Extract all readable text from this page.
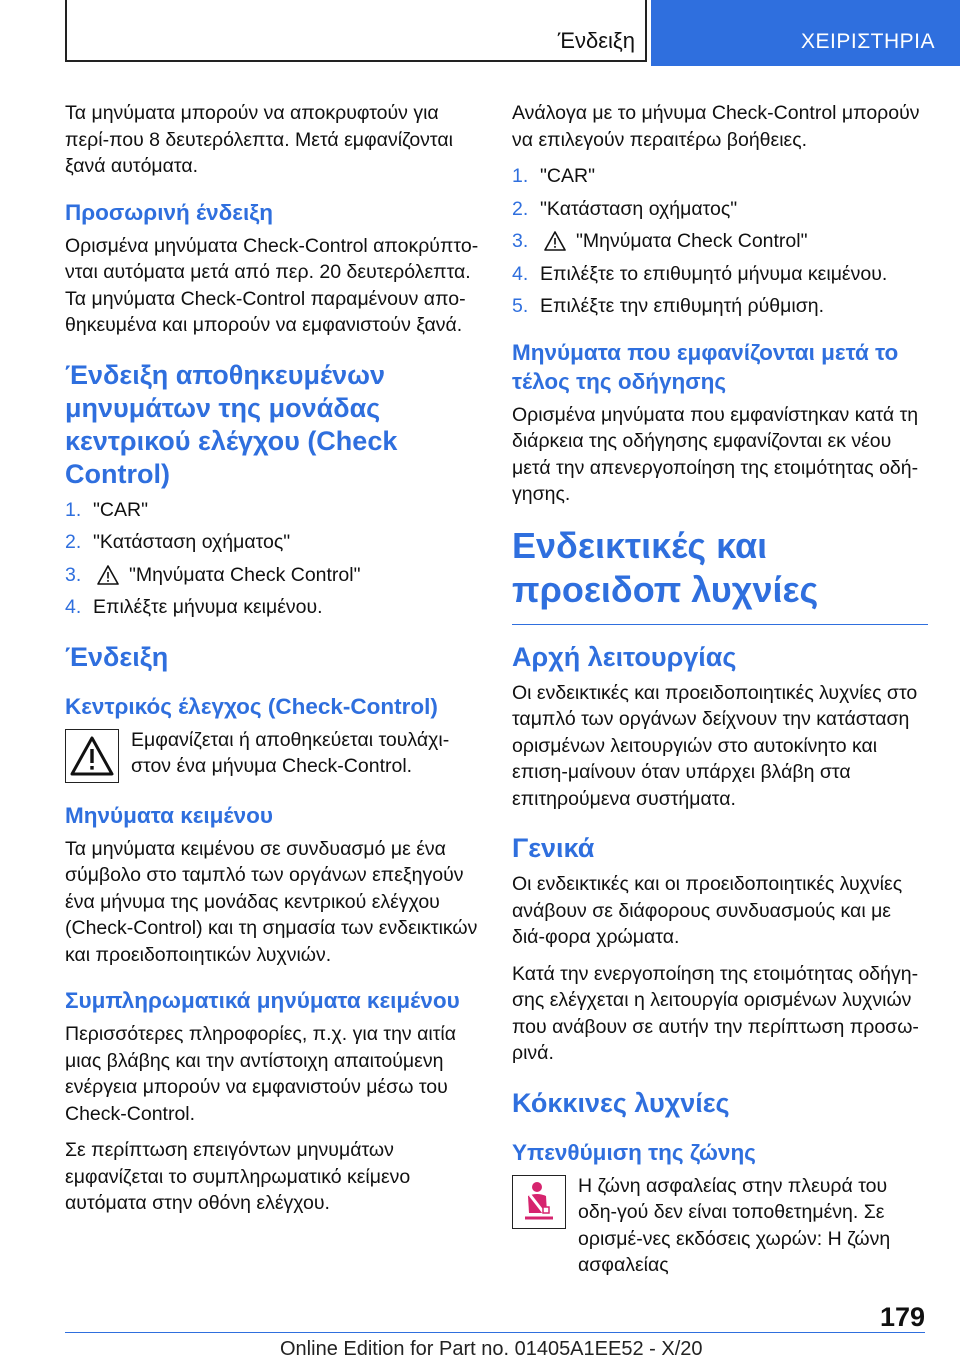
Ένδειξη	ΧΕΙΡΙΣΤΗΡΙΑ

Τα μηνύματα μπορούν να αποκρυφτούν για περί-που 8 δευτερόλεπτα. Μετά εμφανίζονται ξανά αυτόματα.

Προσωρινή ένδειξη

Ορισμένα μηνύματα Check-Control αποκρύπτο-νται αυτόματα μετά από περ. 20 δευτερόλεπτα. Τα μηνύματα Check-Control παραμένουν απο-θηκευμένα και μπορούν να εμφανιστούν ξανά.

Ένδειξη αποθηκευμένων μηνυμάτων της μονάδας κεντρικού ελέγχου (Check Control)
1. "CAR"
2. "Κατάσταση οχήματος"
3.	"Μηνύματα Check Control"
4. Επιλέξτε μήνυμα κειμένου.
Ένδειξη
Κεντρικός έλεγχος (Check-Control)

Εμφανίζεται ή αποθηκεύεται τουλάχι-στον ένα μήνυμα Check-Control.

Μηνύματα κειμένου

Τα μηνύματα κειμένου σε συνδυασμό με ένα σύμβολο στο ταμπλό των οργάνων επεξηγούν ένα μήνυμα της μονάδας κεντρικού ελέγχου (Check-Control) και τη σημασία των ενδεικτικών και προειδοποιητικών λυχνιών.

Συμπληρωματικά μηνύματα κειμένου

Περισσότερες πληροφορίες, π.χ. για την αιτία μιας βλάβης και την αντίστοιχη απαιτούμενη ενέργεια μπορούν να εμφανιστούν μέσω του Check-Control.

Σε περίπτωση επειγόντων μηνυμάτων εμφανίζεται το συμπληρωματικό κείμενο αυτόματα στην οθόνη ελέγχου.

Ανάλογα με το μήνυμα Check-Control μπορούν να επιλεγούν περαιτέρω βοήθειες.

1. "CAR"
2. "Κατάσταση οχήματος"
3.	"Μηνύματα Check Control"
4. Επιλέξτε το επιθυμητό μήνυμα κειμένου.
5. Επιλέξτε την επιθυμητή ρύθμιση.
Μηνύματα που εμφανίζονται μετά το τέλος της οδήγησης

Ορισμένα μηνύματα που εμφανίστηκαν κατά τη διάρκεια της οδήγησης εμφανίζονται εκ νέου μετά την απενεργοποίηση της ετοιμότητας οδή-γησης.

Ενδεικτικές και προειδοπ λυχνίες
Αρχή λειτουργίας

Οι ενδεικτικές και προειδοποιητικές λυχνίες στο ταμπλό των οργάνων δείχνουν την κατάσταση ορισμένων λειτουργιών στο αυτοκίνητο και επιση-μαίνουν όταν υπάρχει βλάβη στα επιτηρούμενα συστήματα.

Γενικά

Οι ενδεικτικές και οι προειδοποιητικές λυχνίες ανάβουν σε διάφορους συνδυασμούς και με διά-φορα χρώματα.

Κατά την ενεργοποίηση της ετοιμότητας οδήγη-σης ελέγχεται η λειτουργία ορισμένων λυχνιών που ανάβουν σε αυτήν την περίπτωση προσω-ρινά.

Κόκκινες λυχνίες
Υπενθύμιση της ζώνης

Η ζώνη ασφαλείας στην πλευρά του οδη-γού δεν είναι τοποθετημένη. Σε ορισμέ-νες εκδόσεις χωρών: Η ζώνη ασφαλείας

179
Online Edition for Part no. 01405A1EE52 - X/20
